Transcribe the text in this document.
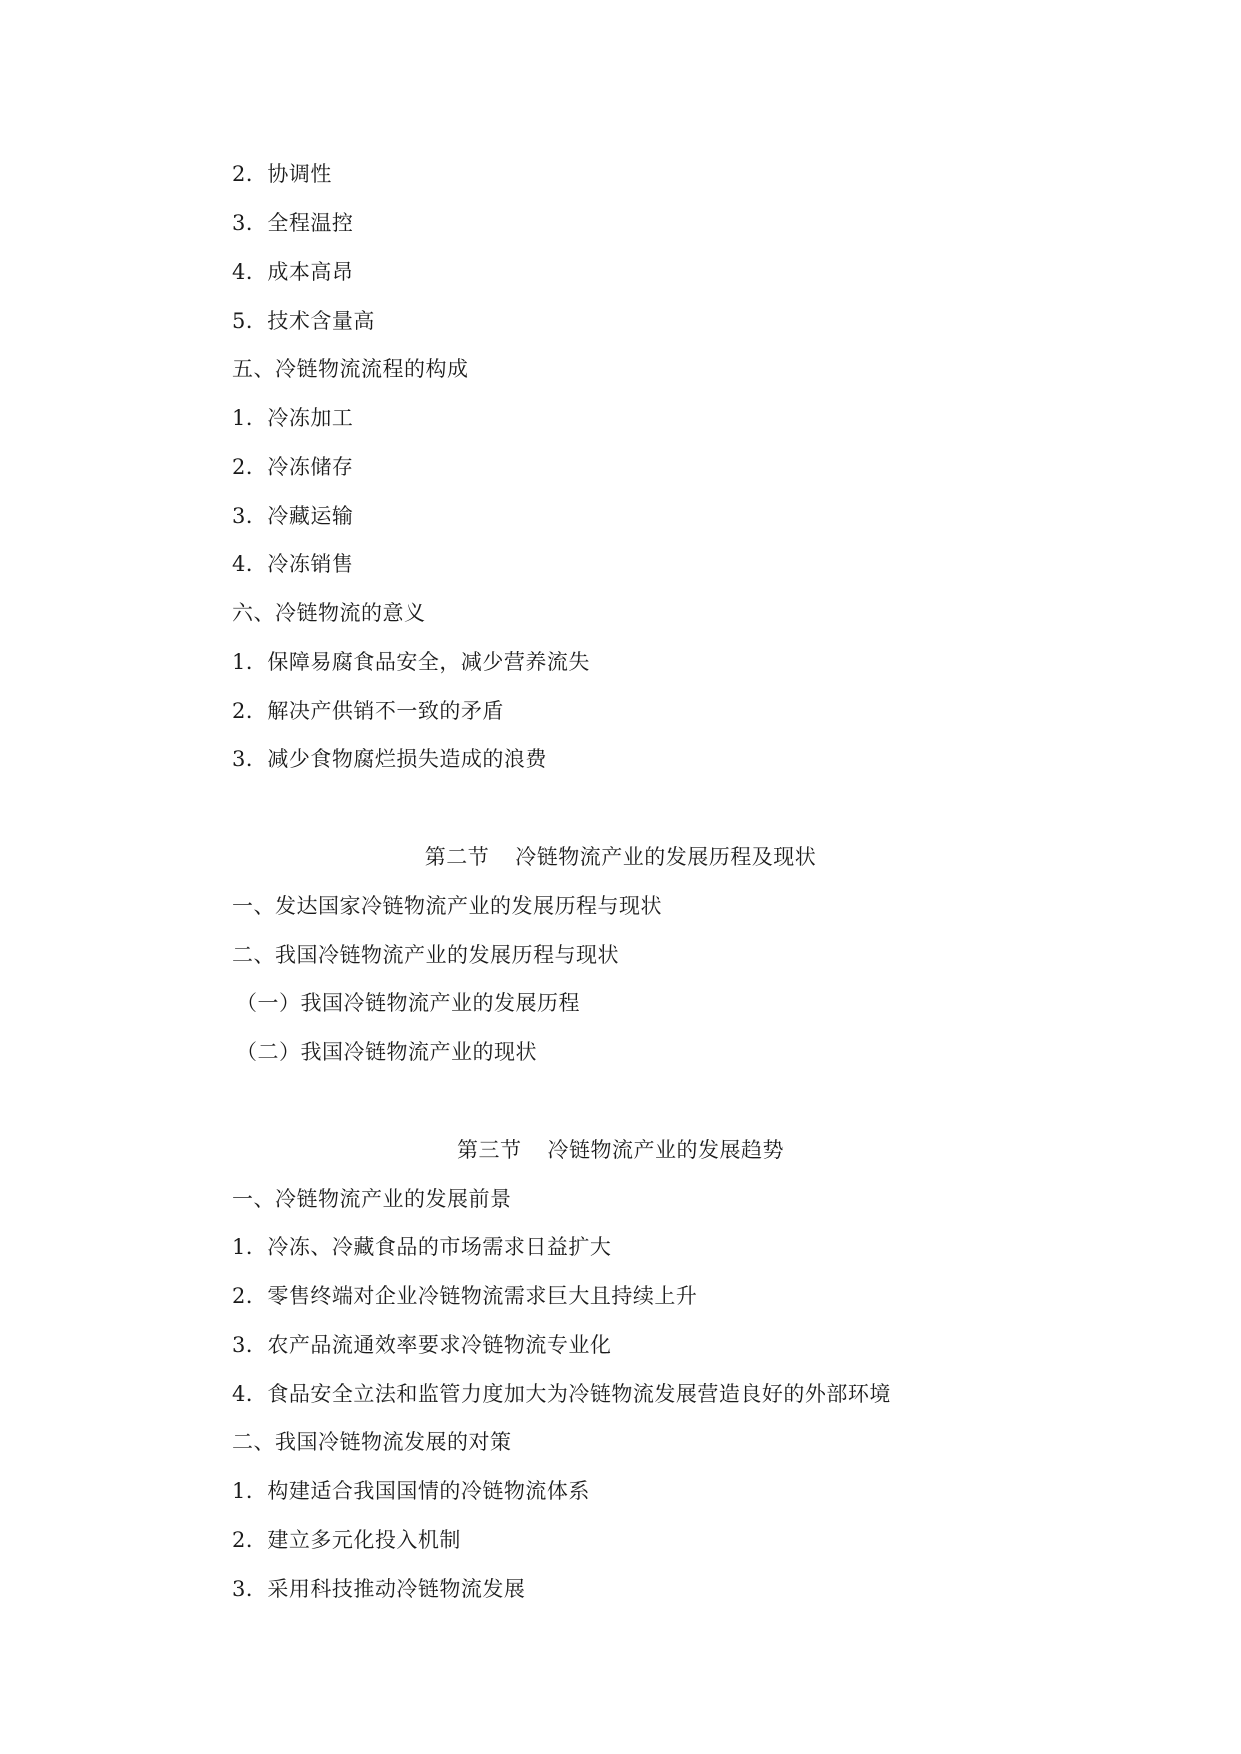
2．协调性
3．全程温控
4．成本高昂
5．技术含量高
五、冷链物流流程的构成
1．冷冻加工
2．冷冻储存
3．冷藏运输
4．冷冻销售
六、冷链物流的意义
1．保障易腐食品安全，减少营养流失
2．解决产供销不一致的矛盾
3．减少食物腐烂损失造成的浪费
第二节 冷链物流产业的发展历程及现状
一、发达国家冷链物流产业的发展历程与现状
二、我国冷链物流产业的发展历程与现状
（一）我国冷链物流产业的发展历程
（二）我国冷链物流产业的现状
第三节 冷链物流产业的发展趋势
一、冷链物流产业的发展前景
1．冷冻、冷藏食品的市场需求日益扩大
2．零售终端对企业冷链物流需求巨大且持续上升
3．农产品流通效率要求冷链物流专业化
4．食品安全立法和监管力度加大为冷链物流发展营造良好的外部环境
二、我国冷链物流发展的对策
1．构建适合我国国情的冷链物流体系
2．建立多元化投入机制
3．采用科技推动冷链物流发展
